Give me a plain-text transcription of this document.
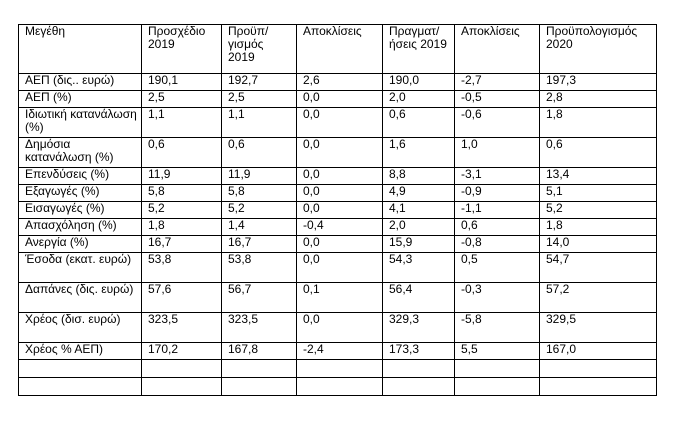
Μεγέθη	Προσχέδιο 2019	Προϋπ/ γισμός 2019	Αποκλίσεις	Πραγματ/ ήσεις 2019	Αποκλίσεις	Προϋπολογισμός 2020
ΑΕΠ (δις.. ευρώ)	190,1	192,7	2,6	190,0	-2,7	197,3
ΑΕΠ (%)	2,5	2,5	0,0	2,0	-0,5	2,8
Ιδιωτική κατανάλωση (%)	1,1	1,1	0,0	0,6	-0,6	1,8
Δημόσια κατανάλωση (%)	0,6	0,6	0,0	1,6	1,0	0,6
Επενδύσεις (%)	11,9	11,9	0,0	8,8	-3,1	13,4
Εξαγωγές (%)	5,8	5,8	0,0	4,9	-0,9	5,1
Εισαγωγές (%)	5,2	5,2	0,0	4,1	-1,1	5,2
Απασχόληση (%)	1,8	1,4	-0,4	2,0	0,6	1,8
Ανεργία (%)	16,7	16,7	0,0	15,9	-0,8	14,0
Έσοδα (εκατ. ευρώ)	53,8	53,8	0,0	54,3	0,5	54,7
Δαπάνες (δις. ευρώ)	57,6	56,7	0,1	56,4	-0,3	57,2
Χρέος (δισ. ευρώ)	323,5	323,5	0,0	329,3	-5,8	329,5
Χρέος % ΑΕΠ)	170,2	167,8	-2,4	173,3	5,5	167,0
